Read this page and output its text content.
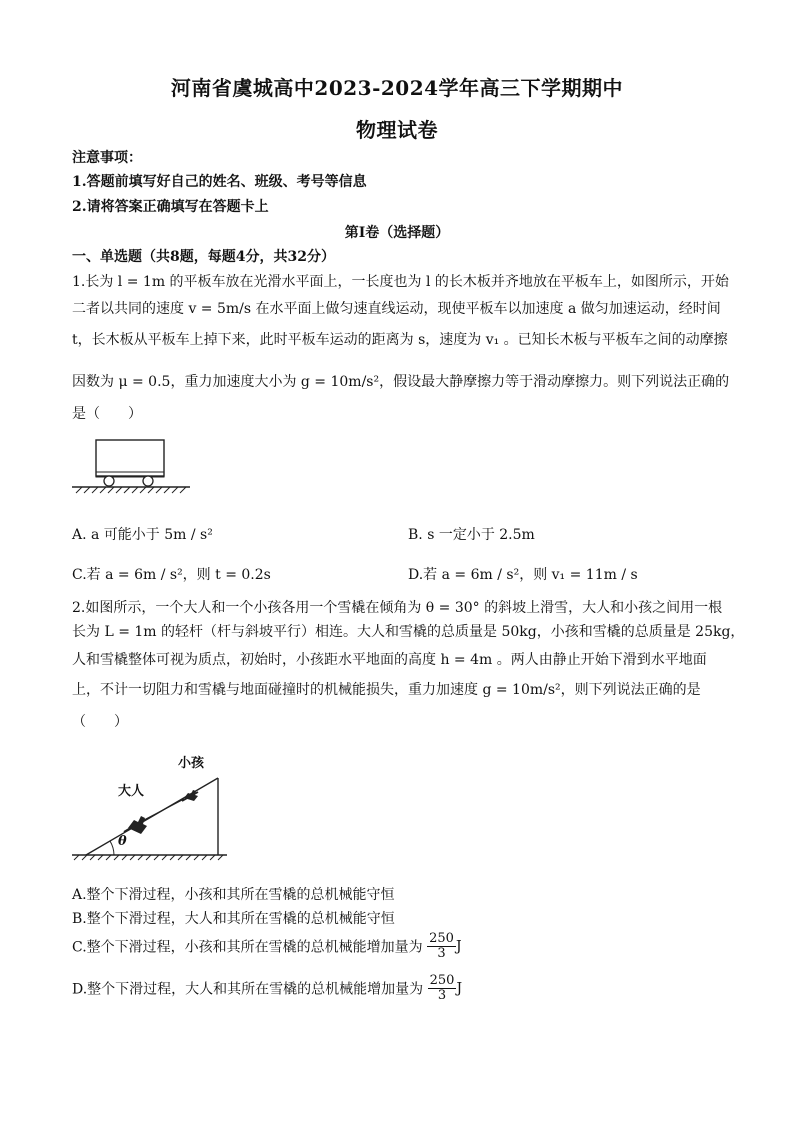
河南省虞城高中2023-2024学年高三下学期期中
物理试卷
注意事项：
1.答题前填写好自己的姓名、班级、考号等信息
2.请将答案正确填写在答题卡上
第I卷（选择题）
一、单选题（共8题，每题4分，共32分）
1.长为 l = 1m 的平板车放在光滑水平面上，一长度也为 l 的长木板并齐地放在平板车上，如图所示，开始
二者以共同的速度 v = 5m/s 在水平面上做匀速直线运动，现使平板车以加速度 a 做匀加速运动，经时间
t，长木板从平板车上掉下来，此时平板车运动的距离为 s，速度为 v₁ 。已知长木板与平板车之间的动摩擦
因数为 μ = 0.5，重力加速度大小为 g = 10m/s²，假设最大静摩擦力等于滑动摩擦力。则下列说法正确的
是（　　）
A. a 可能小于 5m / s²	B. s 一定小于 2.5m
C.若 a = 6m / s²，则 t = 0.2s	D.若 a = 6m / s²，则 v₁ = 11m / s
2.如图所示，一个大人和一个小孩各用一个雪橇在倾角为 θ = 30° 的斜坡上滑雪，大人和小孩之间用一根
长为 L = 1m 的轻杆（杆与斜坡平行）相连。大人和雪橇的总质量是 50kg，小孩和雪橇的总质量是 25kg，
人和雪橇整体可视为质点，初始时，小孩距水平地面的高度 h = 4m 。两人由静止开始下滑到水平地面
上，不计一切阻力和雪橇与地面碰撞时的机械能损失，重力加速度 g = 10m/s²，则下列说法正确的是
（　　）
小孩
大人
θ
A.整个下滑过程，小孩和其所在雪橇的总机械能守恒
B.整个下滑过程，大人和其所在雪橇的总机械能守恒
C.整个下滑过程，小孩和其所在雪橇的总机械能增加量为 $\frac{250}{3}$ J
D.整个下滑过程，大人和其所在雪橇的总机械能增加量为 $\frac{250}{3}$ J
